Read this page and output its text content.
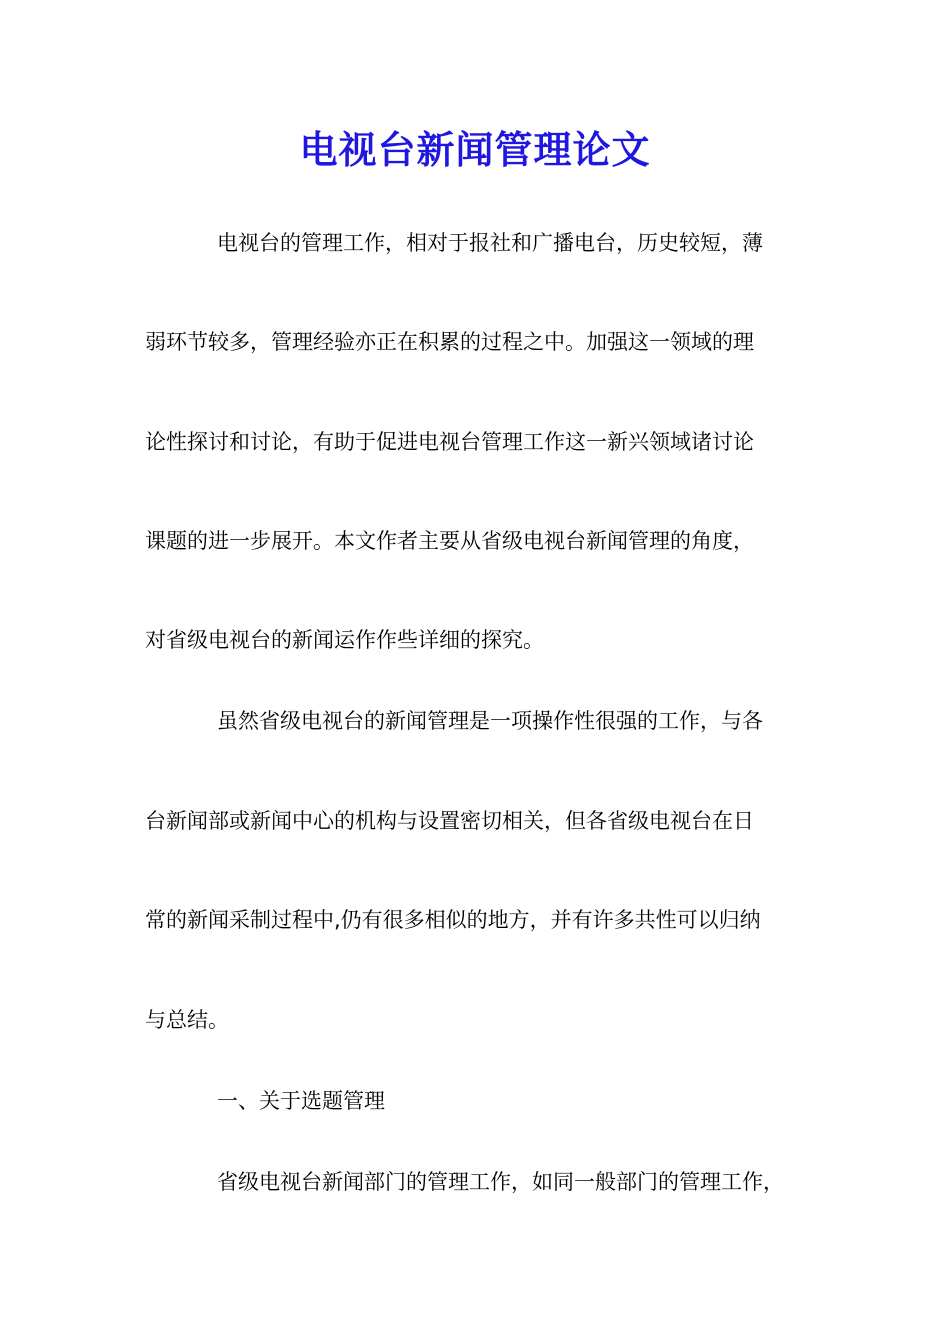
电视台新闻管理论文

电视台的管理工作，相对于报社和广播电台，历史较短，薄

弱环节较多，管理经验亦正在积累的过程之中。加强这一领域的理

论性探讨和讨论，有助于促进电视台管理工作这一新兴领域诸讨论

课题的进一步展开。本文作者主要从省级电视台新闻管理的角度，

对省级电视台的新闻运作作些详细的探究。

虽然省级电视台的新闻管理是一项操作性很强的工作，与各

台新闻部或新闻中心的机构与设置密切相关，但各省级电视台在日

常的新闻采制过程中,仍有很多相似的地方，并有许多共性可以归纳

与总结。

一、关于选题管理

省级电视台新闻部门的管理工作，如同一般部门的管理工作，
